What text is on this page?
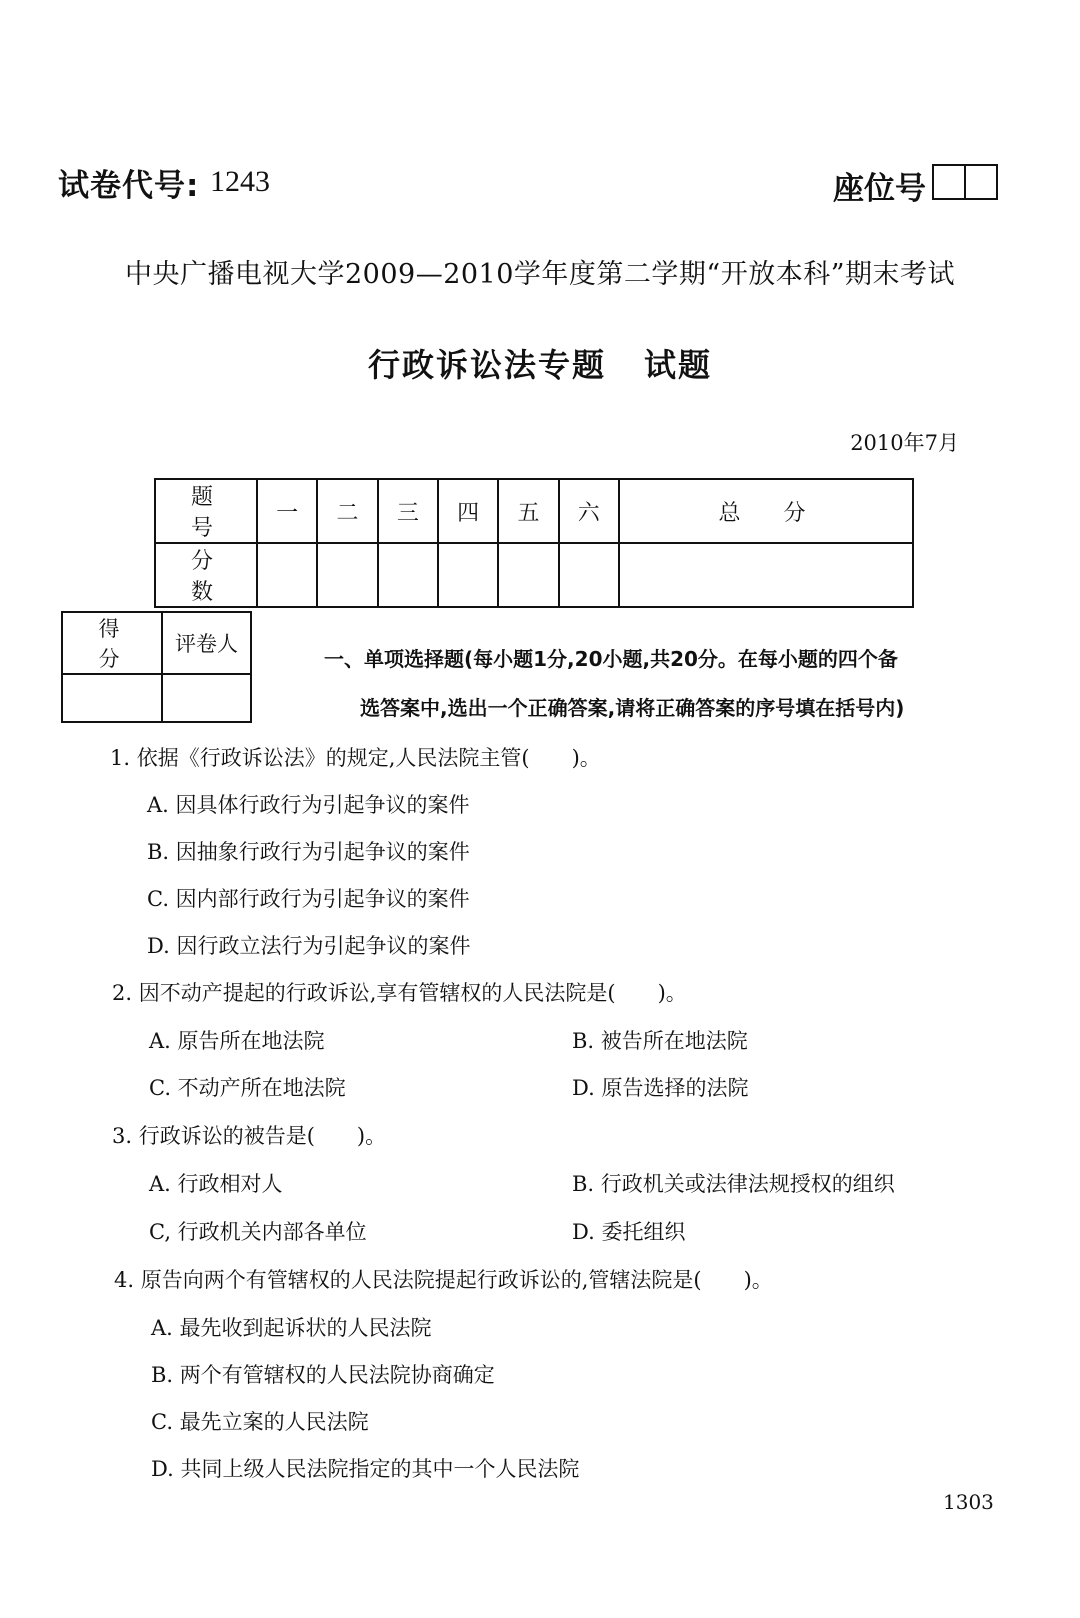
试卷代号: 1243	座位号
中央广播电视大学2009—2010学年度第二学期“开放本科”期末考试
行政诉讼法专题 试题
2010年7月
题 号	一	二	三	四	五	六	总 分
分 数							
得 分	评卷人

一、单项选择题(每小题1分,20小题,共20分。在每小题的四个备
选答案中,选出一个正确答案,请将正确答案的序号填在括号内)
1. 依据《行政诉讼法》的规定,人民法院主管(　　)。
A. 因具体行政行为引起争议的案件
B. 因抽象行政行为引起争议的案件
C. 因内部行政行为引起争议的案件
D. 因行政立法行为引起争议的案件
2. 因不动产提起的行政诉讼,享有管辖权的人民法院是(　　)。
A. 原告所在地法院	B. 被告所在地法院
C. 不动产所在地法院	D. 原告选择的法院
3. 行政诉讼的被告是(　　)。
A. 行政相对人	B. 行政机关或法律法规授权的组织
C, 行政机关内部各单位	D. 委托组织
4. 原告向两个有管辖权的人民法院提起行政诉讼的,管辖法院是(　　)。
A. 最先收到起诉状的人民法院
B. 两个有管辖权的人民法院协商确定
C. 最先立案的人民法院
D. 共同上级人民法院指定的其中一个人民法院
1303
